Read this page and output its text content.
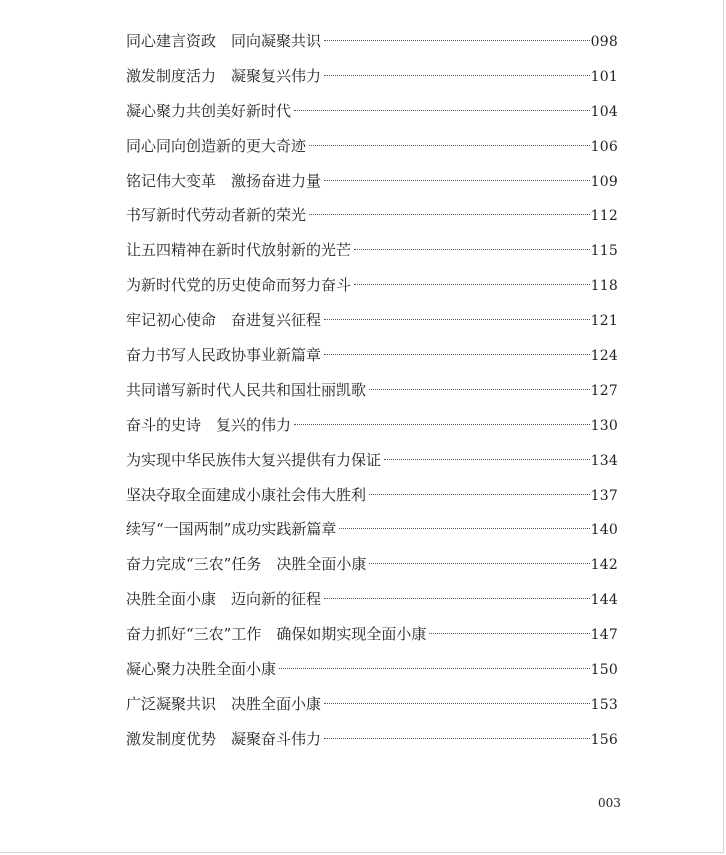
同心建言资政　同向凝聚共识	098
激发制度活力　凝聚复兴伟力	101
凝心聚力共创美好新时代	104
同心同向创造新的更大奇迹	106
铭记伟大变革　激扬奋进力量	109
书写新时代劳动者新的荣光	112
让五四精神在新时代放射新的光芒	115
为新时代党的历史使命而努力奋斗	118
牢记初心使命　奋进复兴征程	121
奋力书写人民政协事业新篇章	124
共同谱写新时代人民共和国壮丽凯歌	127
奋斗的史诗　复兴的伟力	130
为实现中华民族伟大复兴提供有力保证	134
坚决夺取全面建成小康社会伟大胜利	137
续写“一国两制”成功实践新篇章	140
奋力完成“三农”任务　决胜全面小康	142
决胜全面小康　迈向新的征程	144
奋力抓好“三农”工作　确保如期实现全面小康	147
凝心聚力决胜全面小康	150
广泛凝聚共识　决胜全面小康	153
激发制度优势　凝聚奋斗伟力	156
003
